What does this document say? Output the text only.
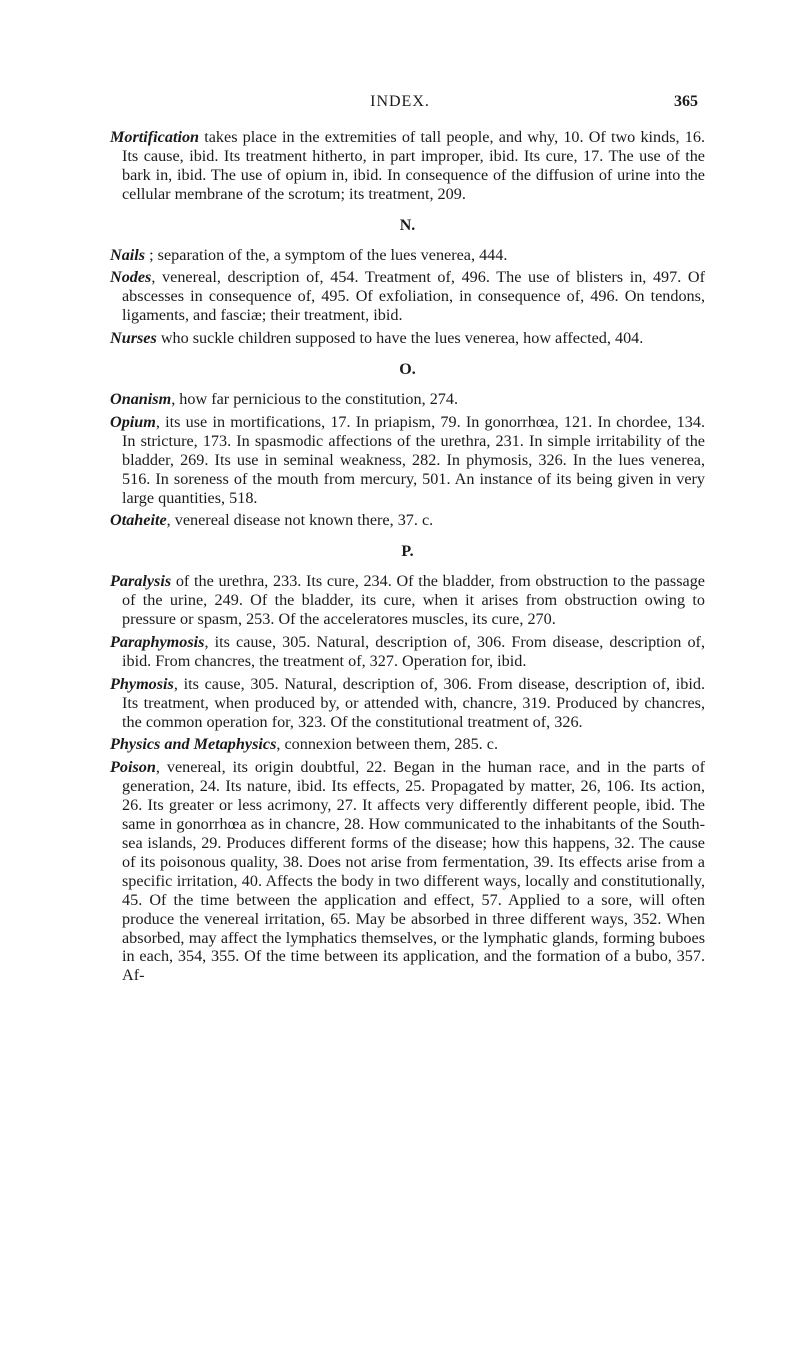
INDEX.	365

Mortification takes place in the extremities of tall people, and why, 10. Of two kinds, 16. Its cause, ibid. Its treatment hitherto, in part improper, ibid. Its cure, 17. The use of the bark in, ibid. The use of opium in, ibid. In consequence of the diffusion of urine into the cellular membrane of the scrotum; its treatment, 209.

N.

Nails ; separation of the, a symptom of the lues venerea, 444.

Nodes, venereal, description of, 454. Treatment of, 496. The use of blisters in, 497. Of abscesses in consequence of, 495. Of exfoliation, in consequence of, 496. On tendons, ligaments, and fasciæ; their treatment, ibid.

Nurses who suckle children supposed to have the lues venerea, how affected, 404.

O.

Onanism, how far pernicious to the constitution, 274.

Opium, its use in mortifications, 17. In priapism, 79. In gonorrhœa, 121. In chordee, 134. In stricture, 173. In spasmodic affections of the urethra, 231. In simple irritability of the bladder, 269. Its use in seminal weakness, 282. In phymosis, 326. In the lues venerea, 516. In soreness of the mouth from mercury, 501. An instance of its being given in very large quantities, 518.

Otaheite, venereal disease not known there, 37. c.

P.

Paralysis of the urethra, 233. Its cure, 234. Of the bladder, from obstruction to the passage of the urine, 249. Of the bladder, its cure, when it arises from obstruction owing to pressure or spasm, 253. Of the acceleratores muscles, its cure, 270.

Paraphymosis, its cause, 305. Natural, description of, 306. From disease, description of, ibid. From chancres, the treatment of, 327. Operation for, ibid.

Phymosis, its cause, 305. Natural, description of, 306. From disease, description of, ibid. Its treatment, when produced by, or attended with, chancre, 319. Produced by chancres, the common operation for, 323. Of the constitutional treatment of, 326.

Physics and Metaphysics, connexion between them, 285. c.

Poison, venereal, its origin doubtful, 22. Began in the human race, and in the parts of generation, 24. Its nature, ibid. Its effects, 25. Propagated by matter, 26, 106. Its action, 26. Its greater or less acrimony, 27. It affects very differently different people, ibid. The same in gonorrhœa as in chancre, 28. How communicated to the inhabitants of the South-sea islands, 29. Produces different forms of the disease; how this happens, 32. The cause of its poisonous quality, 38. Does not arise from fermentation, 39. Its effects arise from a specific irritation, 40. Affects the body in two different ways, locally and constitutionally, 45. Of the time between the application and effect, 57. Applied to a sore, will often produce the venereal irritation, 65. May be absorbed in three different ways, 352. When absorbed, may affect the lymphatics themselves, or the lymphatic glands, forming buboes in each, 354, 355. Of the time between its application, and the formation of a bubo, 357. Af-
